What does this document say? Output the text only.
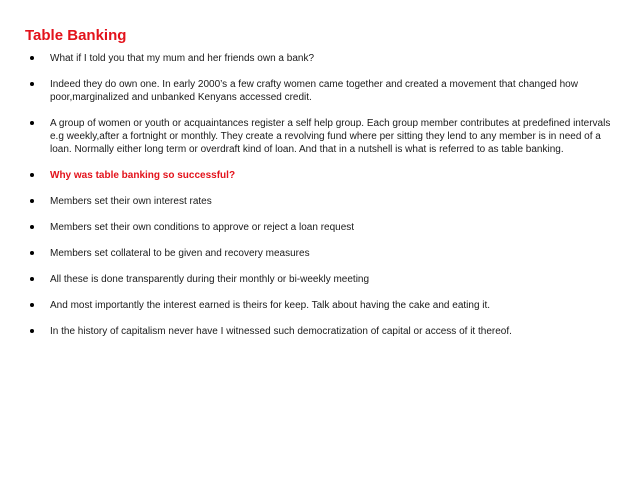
Table Banking
What if I told you that my mum and her friends own a bank?
Indeed they do own one. In early 2000’s a few crafty women came together and created a movement that changed how poor,marginalized and unbanked Kenyans accessed credit.
A group of women or youth or acquaintances register a self help group. Each group member contributes at predefined intervals e.g weekly,after a fortnight or monthly. They create a revolving fund where per sitting they lend to any member is in need of a loan. Normally either long term or overdraft kind of loan. And that in a nutshell is what is referred to as table banking.
Why was table banking so successful?
Members set their own interest rates
Members set their own conditions to approve or reject a loan request
Members set collateral to be given and recovery measures
All these is done transparently during their monthly or bi-weekly meeting
And most importantly the interest earned is theirs for keep. Talk about having the cake and eating it.
In the history of capitalism never have I witnessed such democratization of capital or access of it thereof.
